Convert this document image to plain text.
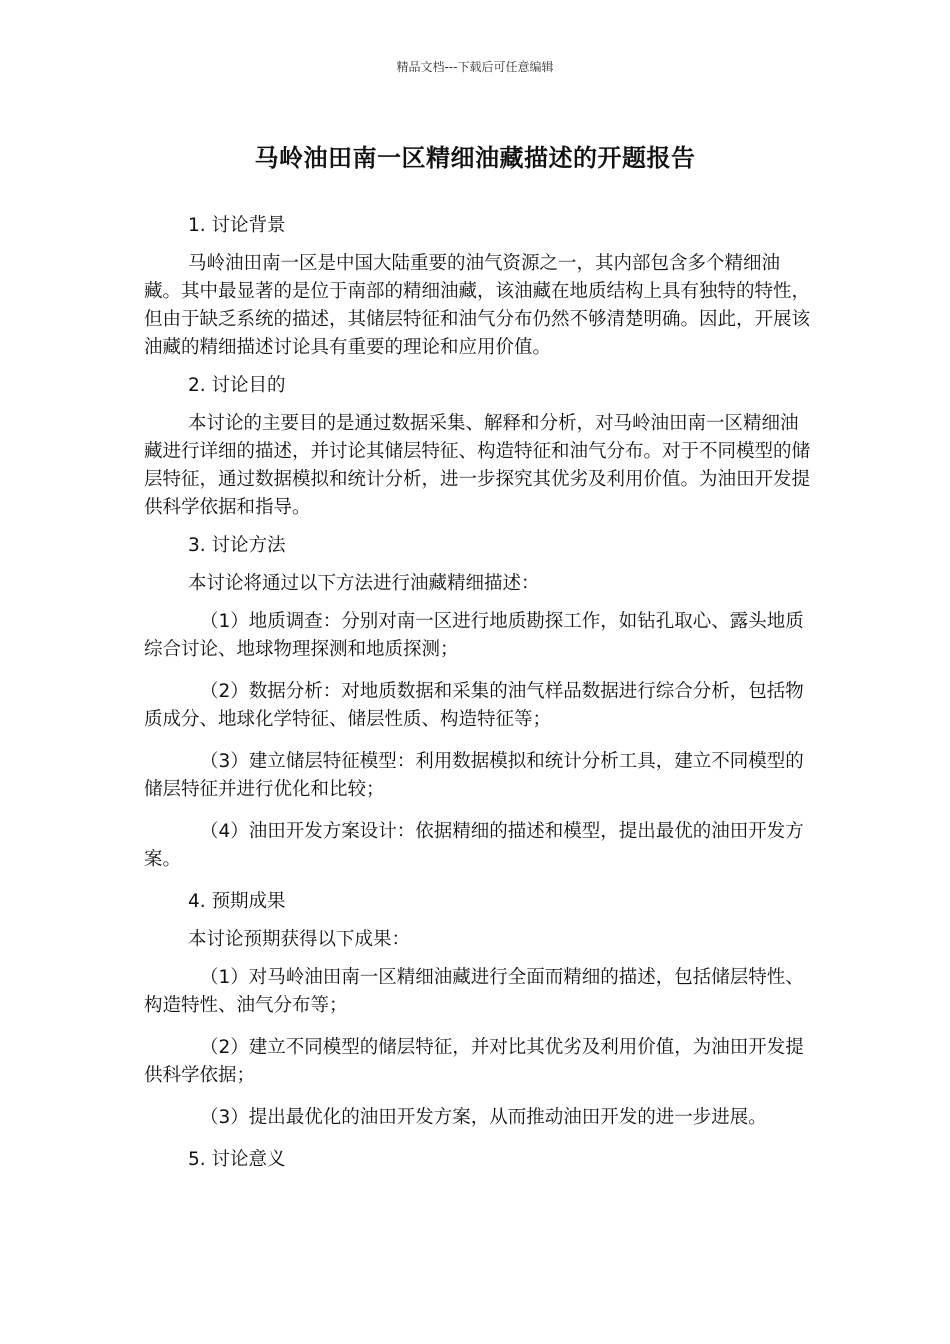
精品文档---下载后可任意编辑
马岭油田南一区精细油藏描述的开题报告

1. 讨论背景

马岭油田南一区是中国大陆重要的油气资源之一，其内部包含多个精细油藏。其中最显著的是位于南部的精细油藏，该油藏在地质结构上具有独特的特性，但由于缺乏系统的描述，其储层特征和油气分布仍然不够清楚明确。因此，开展该油藏的精细描述讨论具有重要的理论和应用价值。

2. 讨论目的

本讨论的主要目的是通过数据采集、解释和分析，对马岭油田南一区精细油藏进行详细的描述，并讨论其储层特征、构造特征和油气分布。对于不同模型的储层特征，通过数据模拟和统计分析，进一步探究其优劣及利用价值。为油田开发提供科学依据和指导。

3. 讨论方法

本讨论将通过以下方法进行油藏精细描述：

（1）地质调查：分别对南一区进行地质勘探工作，如钻孔取心、露头地质综合讨论、地球物理探测和地质探测；

（2）数据分析：对地质数据和采集的油气样品数据进行综合分析，包括物质成分、地球化学特征、储层性质、构造特征等；

（3）建立储层特征模型：利用数据模拟和统计分析工具，建立不同模型的储层特征并进行优化和比较；

（4）油田开发方案设计：依据精细的描述和模型，提出最优的油田开发方案。

4. 预期成果

本讨论预期获得以下成果：

（1）对马岭油田南一区精细油藏进行全面而精细的描述，包括储层特性、构造特性、油气分布等；

（2）建立不同模型的储层特征，并对比其优劣及利用价值，为油田开发提供科学依据；

（3）提出最优化的油田开发方案，从而推动油田开发的进一步进展。

5. 讨论意义
